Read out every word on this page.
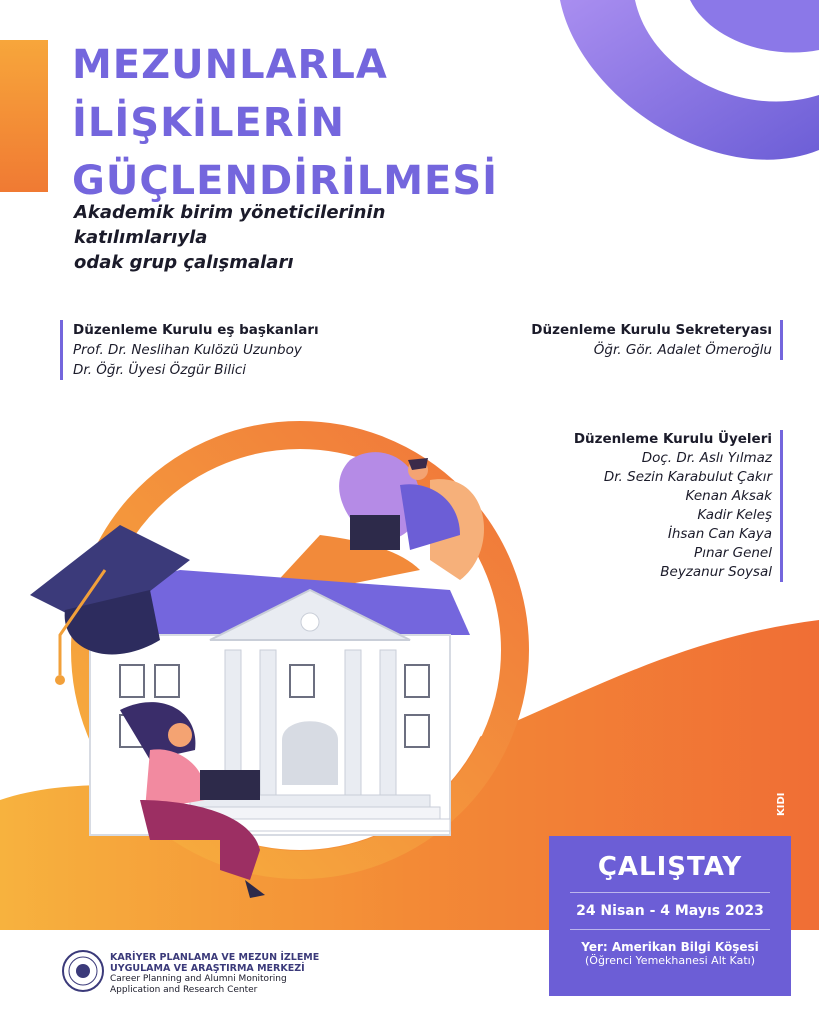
MEZUNLARLA
İLİŞKİLERİN
GÜÇLENDİRİLMESİ
Akademik birim yöneticilerinin
katılımlarıyla
odak grup çalışmaları
Düzenleme Kurulu eş başkanları
Prof. Dr. Neslihan Kulözü Uzunboy
Dr. Öğr. Üyesi Özgür Bilici
Düzenleme Kurulu Sekreteryası
Öğr. Gör. Adalet Ömeroğlu
Düzenleme Kurulu Üyeleri
Doç. Dr. Aslı Yılmaz
Dr. Sezin Karabulut Çakır
Kenan Aksak
Kadir Keleş
İhsan Can Kaya
Pınar Genel
Beyzanur Soysal
KİDİ
ÇALIŞTAY
24 Nisan - 4 Mayıs 2023
Yer: Amerikan Bilgi Köşesi
(Öğrenci Yemekhanesi Alt Katı)
KARİYER PLANLAMA VE MEZUN İZLEME
UYGULAMA VE ARAŞTIRMA MERKEZİ
Career Planning and Alumni Monitoring
Application and Research Center
